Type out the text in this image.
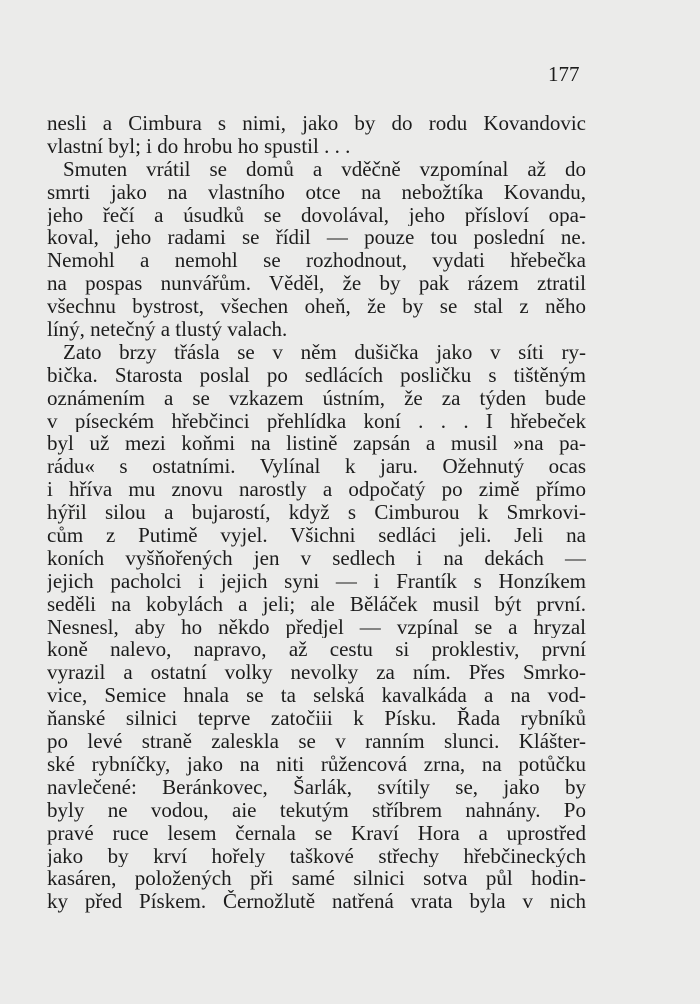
177
nesli a Cimbura s nimi, jako by do rodu Kovandovic
vlastní byl; i do hrobu ho spustil . . .
Smuten vrátil se domů a vděčně vzpomínal až do
smrti jako na vlastního otce na nebožtíka Kovandu,
jeho řečí a úsudků se dovolával, jeho přísloví opa-
koval, jeho radami se řídil — pouze tou poslední ne.
Nemohl a nemohl se rozhodnout, vydati hřebečka
na pospas nunvářům. Věděl, že by pak rázem ztratil
všechnu bystrost, všechen oheň, že by se stal z něho
líný, netečný a tlustý valach.
Zato brzy třásla se v něm dušička jako v síti ry-
bička. Starosta poslal po sedlácích posličku s tištěným
oznámením a se vzkazem ústním, že za týden bude
v píseckém hřebčinci přehlídka koní . . . I hřebeček
byl už mezi koňmi na listině zapsán a musil »na pa-
rádu« s ostatními. Vylínal k jaru. Ožehnutý ocas
i hříva mu znovu narostly a odpočatý po zimě přímo
hýřil silou a bujarostí, když s Cimburou k Smrkovi-
cům z Putimě vyjel. Všichni sedláci jeli. Jeli na
koních vyšňořených jen v sedlech i na dekách —
jejich pacholci i jejich syni — i Frantík s Honzíkem
seděli na kobylách a jeli; ale Běláček musil být první.
Nesnesl, aby ho někdo předjel — vzpínal se a hryzal
koně nalevo, napravo, až cestu si proklestiv, první
vyrazil a ostatní volky nevolky za ním. Přes Smrko-
vice, Semice hnala se ta selská kavalkáda a na vod-
ňanské silnici teprve zatočiii k Písku. Řada rybníků
po levé straně zaleskla se v ranním slunci. Klášter-
ské rybníčky, jako na niti růžencová zrna, na potůčku
navlečené: Beránkovec, Šarlák, svítily se, jako by
byly ne vodou, aie tekutým stříbrem nahnány. Po
pravé ruce lesem černala se Kraví Hora a uprostřed
jako by krví hořely taškové střechy hřebčineckých
kasáren, položených při samé silnici sotva půl hodin-
ky před Pískem. Černožlutě natřená vrata byla v nich
